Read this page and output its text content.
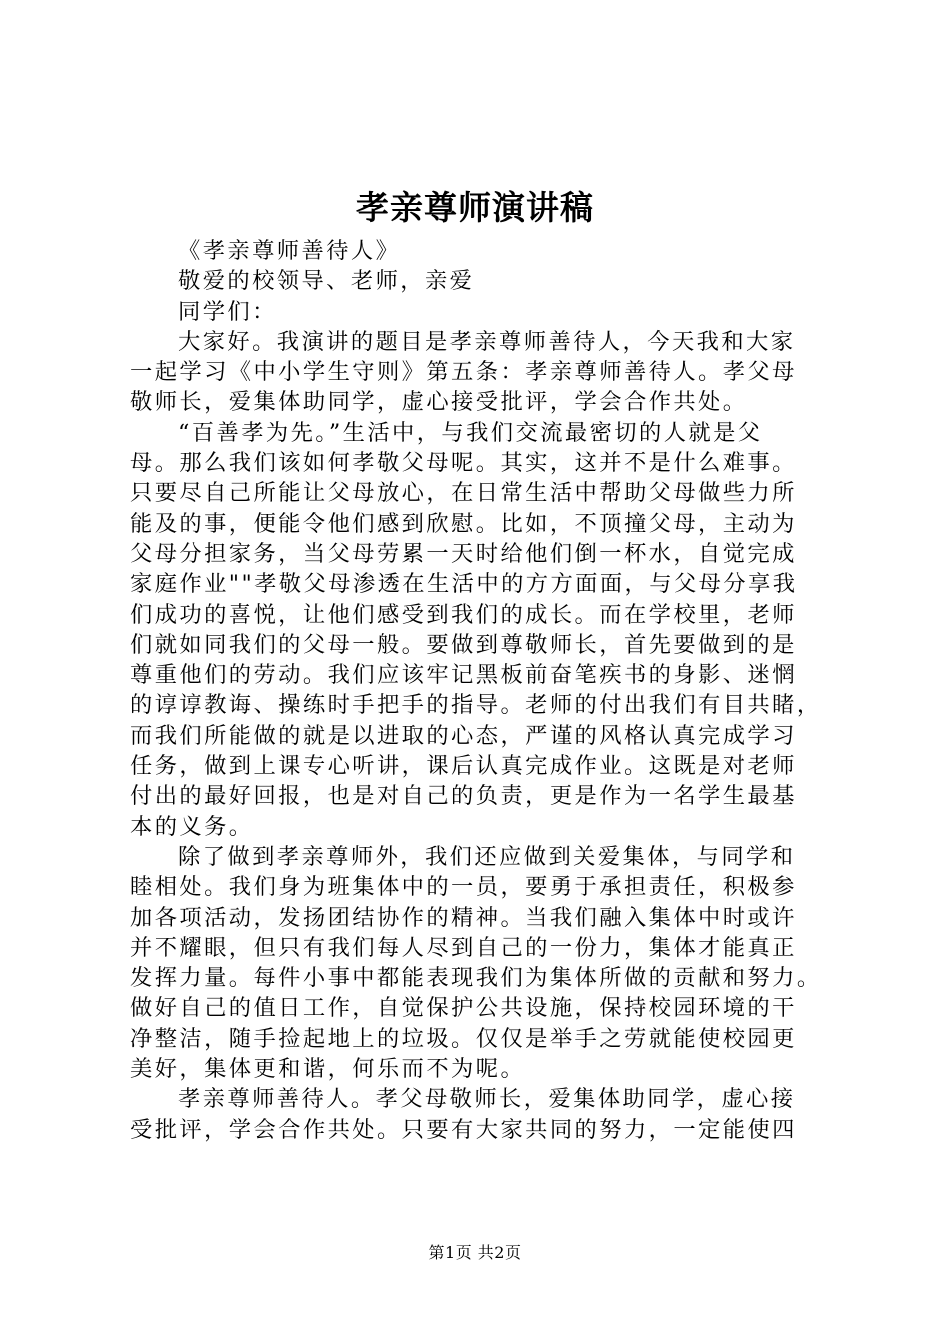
孝亲尊师演讲稿
《孝亲尊师善待人》
敬爱的校领导、老师，亲爱
同学们：
大家好。我演讲的题目是孝亲尊师善待人，今天我和大家
一起学习《中小学生守则》第五条：孝亲尊师善待人。孝父母
敬师长，爱集体助同学，虚心接受批评，学会合作共处。
“百善孝为先。”生活中，与我们交流最密切的人就是父
母。那么我们该如何孝敬父母呢。其实，这并不是什么难事。
只要尽自己所能让父母放心，在日常生活中帮助父母做些力所
能及的事，便能令他们感到欣慰。比如，不顶撞父母，主动为
父母分担家务，当父母劳累一天时给他们倒一杯水，自觉完成
家庭作业""孝敬父母渗透在生活中的方方面面，与父母分享我
们成功的喜悦，让他们感受到我们的成长。而在学校里，老师
们就如同我们的父母一般。要做到尊敬师长，首先要做到的是
尊重他们的劳动。我们应该牢记黑板前奋笔疾书的身影、迷惘
的谆谆教诲、操练时手把手的指导。老师的付出我们有目共睹，
而我们所能做的就是以进取的心态，严谨的风格认真完成学习
任务，做到上课专心听讲，课后认真完成作业。这既是对老师
付出的最好回报，也是对自己的负责，更是作为一名学生最基
本的义务。
除了做到孝亲尊师外，我们还应做到关爱集体，与同学和
睦相处。我们身为班集体中的一员，要勇于承担责任，积极参
加各项活动，发扬团结协作的精神。当我们融入集体中时或许
并不耀眼，但只有我们每人尽到自己的一份力，集体才能真正
发挥力量。每件小事中都能表现我们为集体所做的贡献和努力。
做好自己的值日工作，自觉保护公共设施，保持校园环境的干
净整洁，随手捡起地上的垃圾。仅仅是举手之劳就能使校园更
美好，集体更和谐，何乐而不为呢。
孝亲尊师善待人。孝父母敬师长，爱集体助同学，虚心接
受批评，学会合作共处。只要有大家共同的努力，一定能使四
第1页 共2页
